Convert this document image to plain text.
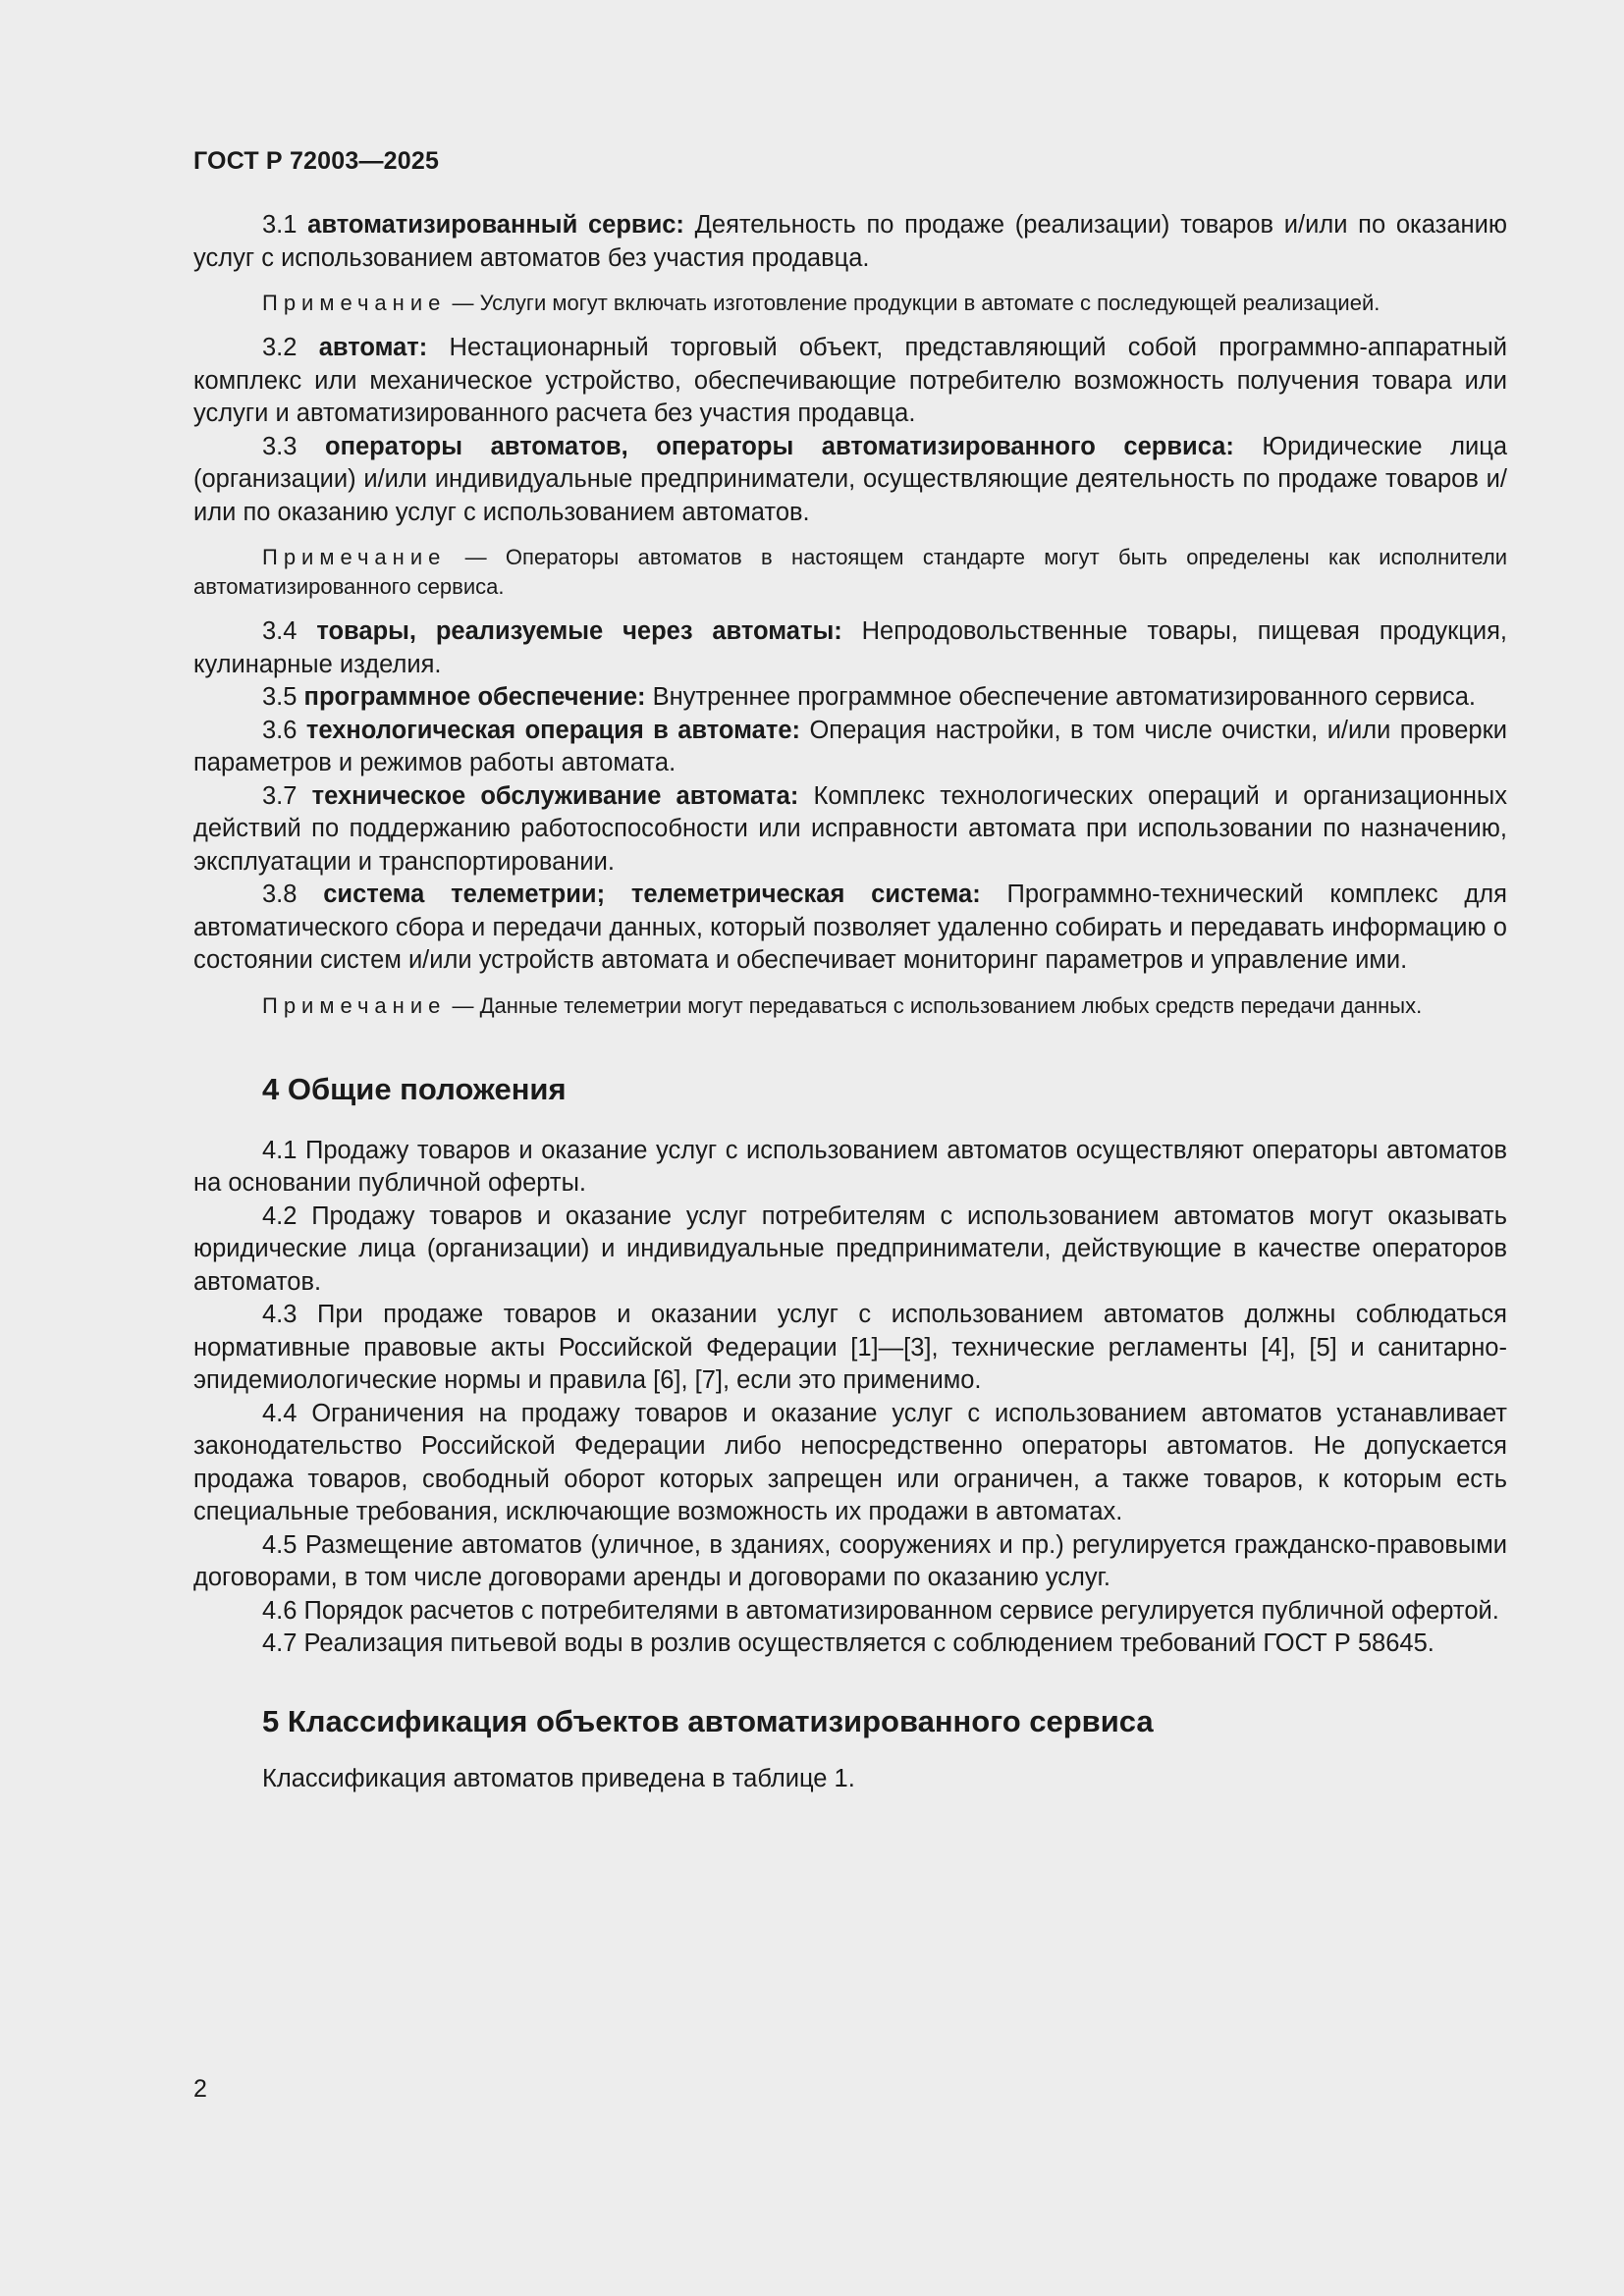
ГОСТ Р 72003—2025

3.1 автоматизированный сервис: Деятельность по продаже (реализации) товаров и/или по оказанию услуг с использованием автоматов без участия продавца.

Примечание — Услуги могут включать изготовление продукции в автомате с последующей реализацией.

3.2 автомат: Нестационарный торговый объект, представляющий собой программно-аппаратный комплекс или механическое устройство, обеспечивающие потребителю возможность получения товара или услуги и автоматизированного расчета без участия продавца.

3.3 операторы автоматов, операторы автоматизированного сервиса: Юридические лица (организации) и/или индивидуальные предприниматели, осуществляющие деятельность по продаже товаров и/или по оказанию услуг с использованием автоматов.

Примечание — Операторы автоматов в настоящем стандарте могут быть определены как исполнители автоматизированного сервиса.

3.4 товары, реализуемые через автоматы: Непродовольственные товары, пищевая продукция, кулинарные изделия.

3.5 программное обеспечение: Внутреннее программное обеспечение автоматизированного сервиса.

3.6 технологическая операция в автомате: Операция настройки, в том числе очистки, и/или проверки параметров и режимов работы автомата.

3.7 техническое обслуживание автомата: Комплекс технологических операций и организационных действий по поддержанию работоспособности или исправности автомата при использовании по назначению, эксплуатации и транспортировании.

3.8 система телеметрии; телеметрическая система: Программно-технический комплекс для автоматического сбора и передачи данных, который позволяет удаленно собирать и передавать информацию о состоянии систем и/или устройств автомата и обеспечивает мониторинг параметров и управление ими.

Примечание — Данные телеметрии могут передаваться с использованием любых средств передачи данных.

4 Общие положения

4.1 Продажу товаров и оказание услуг с использованием автоматов осуществляют операторы автоматов на основании публичной оферты.

4.2 Продажу товаров и оказание услуг потребителям с использованием автоматов могут оказывать юридические лица (организации) и индивидуальные предприниматели, действующие в качестве операторов автоматов.

4.3 При продаже товаров и оказании услуг с использованием автоматов должны соблюдаться нормативные правовые акты Российской Федерации [1]—[3], технические регламенты [4], [5] и санитарно-эпидемиологические нормы и правила [6], [7], если это применимо.

4.4 Ограничения на продажу товаров и оказание услуг с использованием автоматов устанавливает законодательство Российской Федерации либо непосредственно операторы автоматов. Не допускается продажа товаров, свободный оборот которых запрещен или ограничен, а также товаров, к которым есть специальные требования, исключающие возможность их продажи в автоматах.

4.5 Размещение автоматов (уличное, в зданиях, сооружениях и пр.) регулируется гражданско-правовыми договорами, в том числе договорами аренды и договорами по оказанию услуг.

4.6 Порядок расчетов с потребителями в автоматизированном сервисе регулируется публичной офертой.

4.7 Реализация питьевой воды в розлив осуществляется с соблюдением требований ГОСТ Р 58645.

5 Классификация объектов автоматизированного сервиса

Классификация автоматов приведена в таблице 1.

2
